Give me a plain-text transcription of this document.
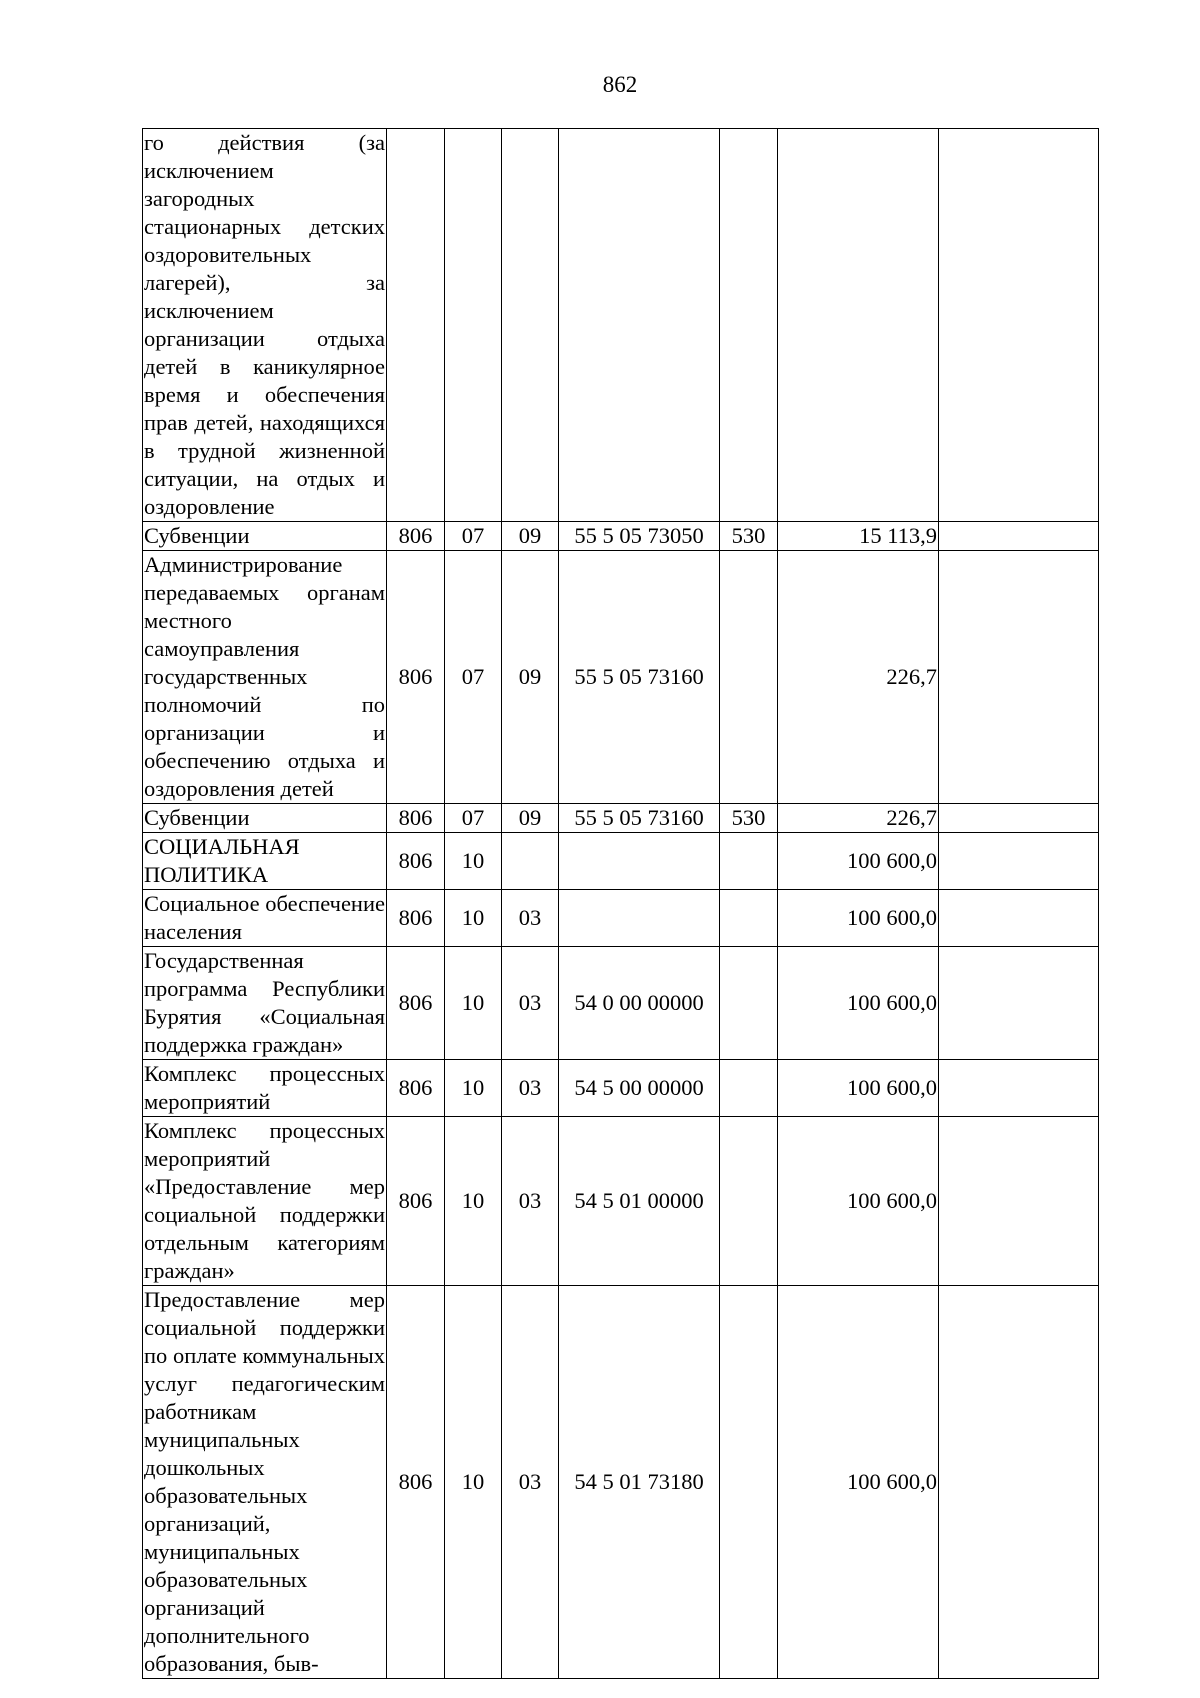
862
го действия (за исключением загородных стационарных детских оздоровительных лагерей), за исключением организации отдыха детей в каникулярное время и обеспечения прав детей, находящихся в трудной жизненной ситуации, на отдых и оздоровление							
Субвенции	806	07	09	55 5 05 73050	530	15 113,9	
Администрирование передаваемых органам местного самоуправления государственных полномочий по организации и обеспечению отдыха и оздоровления детей	806	07	09	55 5 05 73160		226,7	
Субвенции	806	07	09	55 5 05 73160	530	226,7	
СОЦИАЛЬНАЯ ПОЛИТИКА	806	10				100 600,0	
Социальное обеспечение населения	806	10	03			100 600,0	
Государственная программа Республики Бурятия «Социальная поддержка граждан»	806	10	03	54 0 00 00000		100 600,0	
Комплекс процессных мероприятий	806	10	03	54 5 00 00000		100 600,0	
Комплекс процессных мероприятий «Предоставление мер социальной поддержки отдельным категориям граждан»	806	10	03	54 5 01 00000		100 600,0	
Предоставление мер социальной поддержки по оплате коммунальных услуг педагогическим работникам муниципальных дошкольных образовательных организаций, муниципальных образовательных организаций дополнительного образования, быв-	806	10	03	54 5 01 73180		100 600,0	
